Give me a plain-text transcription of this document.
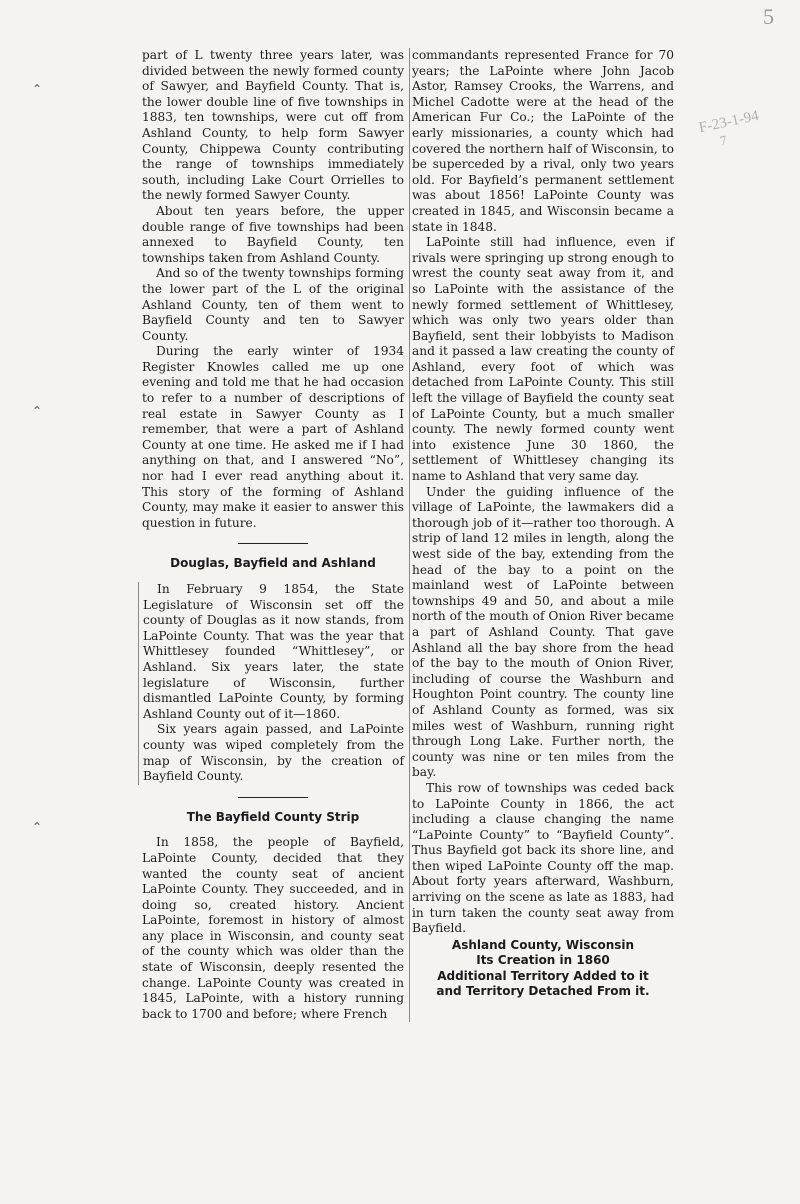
5
F-23-1-94
7
⌃
⌃
⌃

part of L twenty three years later, was divided between the newly formed county of Sawyer, and Bayfield County. That is, the lower double line of five townships in 1883, ten townships, were cut off from Ashland County, to help form Sawyer County, Chippewa County contributing the range of townships immediately south, including Lake Court Orrielles to the newly formed Sawyer County.

About ten years before, the upper double range of five townships had been annexed to Bayfield County, ten townships taken from Ashland County.

And so of the twenty townships forming the lower part of the L of the original Ashland County, ten of them went to Bayfield County and ten to Sawyer County.

During the early winter of 1934 Register Knowles called me up one evening and told me that he had occasion to refer to a number of descriptions of real estate in Sawyer County as I remember, that were a part of Ashland County at one time. He asked me if I had anything on that, and I answered “No”, nor had I ever read anything about it. This story of the forming of Ashland County, may make it easier to answer this question in future.

Douglas, Bayfield and Ashland

In February 9 1854, the State Legislature of Wisconsin set off the county of Douglas as it now stands, from LaPointe County. That was the year that Whittlesey founded “Whittlesey”, or Ashland. Six years later, the state legislature of Wisconsin, further dismantled LaPointe County, by forming Ashland County out of it—1860.

Six years again passed, and LaPointe county was wiped completely from the map of Wisconsin, by the creation of Bayfield County.

The Bayfield County Strip

In 1858, the people of Bayfield, LaPointe County, decided that they wanted the county seat of ancient LaPointe County. They succeeded, and in doing so, created history. Ancient LaPointe, foremost in history of almost any place in Wisconsin, and county seat of the county which was older than the state of Wisconsin, deeply resented the change. LaPointe County was created in 1845, LaPointe, with a history running back to 1700 and before; where French

commandants represented France for 70 years; the LaPointe where John Jacob Astor, Ramsey Crooks, the Warrens, and Michel Cadotte were at the head of the American Fur Co.; the LaPointe of the early missionaries, a county which had covered the northern half of Wisconsin, to be superceded by a rival, only two years old. For Bayfield’s permanent settlement was about 1856! LaPointe County was created in 1845, and Wisconsin became a state in 1848.

LaPointe still had influence, even if rivals were springing up strong enough to wrest the county seat away from it, and so LaPointe with the assistance of the newly formed settlement of Whittlesey, which was only two years older than Bayfield, sent their lobbyists to Madison and it passed a law creating the county of Ashland, every foot of which was detached from LaPointe County. This still left the village of Bayfield the county seat of LaPointe County, but a much smaller county. The newly formed county went into existence June 30 1860, the settlement of Whittlesey changing its name to Ashland that very same day.

Under the guiding influence of the village of LaPointe, the lawmakers did a thorough job of it—rather too thorough. A strip of land 12 miles in length, along the west side of the bay, extending from the head of the bay to a point on the mainland west of LaPointe between townships 49 and 50, and about a mile north of the mouth of Onion River became a part of Ashland County. That gave Ashland all the bay shore from the head of the bay to the mouth of Onion River, including of course the Washburn and Houghton Point country. The county line of Ashland County as formed, was six miles west of Washburn, running right through Long Lake. Further north, the county was nine or ten miles from the bay.

This row of townships was ceded back to LaPointe County in 1866, the act including a clause changing the name “LaPointe County” to “Bayfield County”. Thus Bayfield got back its shore line, and then wiped LaPointe County off the map. About forty years afterward, Washburn, arriving on the scene as late as 1883, had in turn taken the county seat away from Bayfield.

Ashland County, Wisconsin
Its Creation in 1860
Additional Territory Added to it
and Territory Detached From it.
